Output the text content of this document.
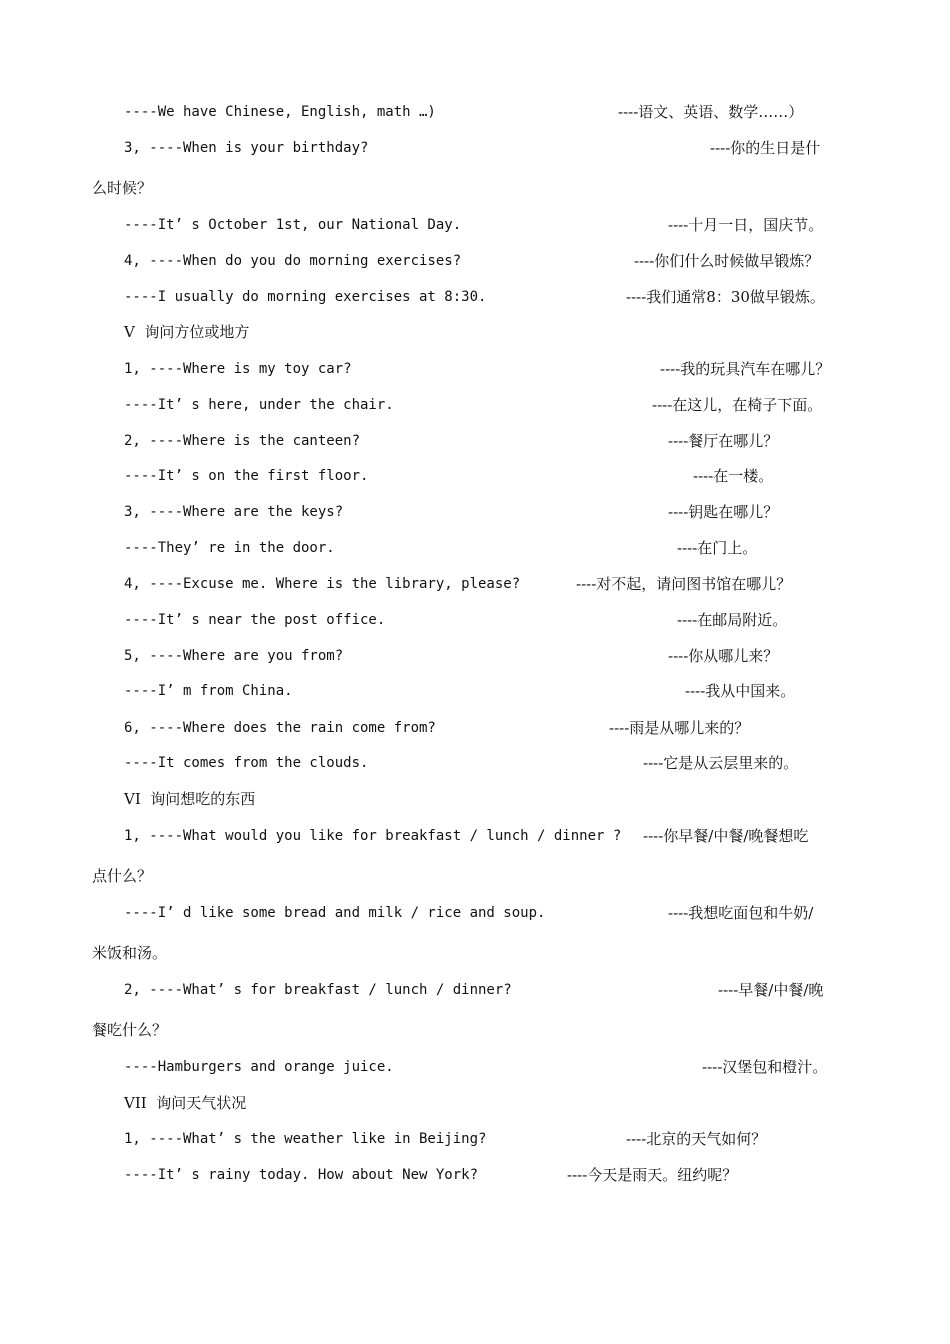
----We have Chinese, English, math …)	----语文、英语、数学……）
3, ----When is your birthday?	----你的生日是什
么时候？
----It’ s October 1st, our National Day.	----十月一日，国庆节。
4, ----When do you do morning exercises?	----你们什么时候做早锻炼？
----I usually do morning exercises at 8:30.	----我们通常8：30做早锻炼。
V  询问方位或地方
1, ----Where is my toy car?	----我的玩具汽车在哪儿？
----It’ s here, under the chair.	----在这儿，在椅子下面。
2, ----Where is the canteen?	----餐厅在哪儿？
----It’ s on the first floor.	----在一楼。
3, ----Where are the keys?	----钥匙在哪儿？
----They’ re in the door.	----在门上。
4, ----Excuse me. Where is the library, please?	----对不起，请问图书馆在哪儿？
----It’ s near the post office.	----在邮局附近。
5, ----Where are you from?	----你从哪儿来？
----I’ m from China.	----我从中国来。
6, ----Where does the rain come from?	----雨是从哪儿来的？
----It comes from the clouds.	----它是从云层里来的。
VI  询问想吃的东西
1, ----What would you like for breakfast / lunch / dinner ? ----你早餐/中餐/晚餐想吃
点什么？
----I’ d like some bread and milk / rice and soup.	----我想吃面包和牛奶/
米饭和汤。
2, ----What’ s for breakfast / lunch / dinner?	----早餐/中餐/晚
餐吃什么？
----Hamburgers and orange juice.	----汉堡包和橙汁。
VII  询问天气状况
1, ----What’ s the weather like in Beijing?	----北京的天气如何？
----It’ s rainy today. How about New York?	----今天是雨天。纽约呢？
